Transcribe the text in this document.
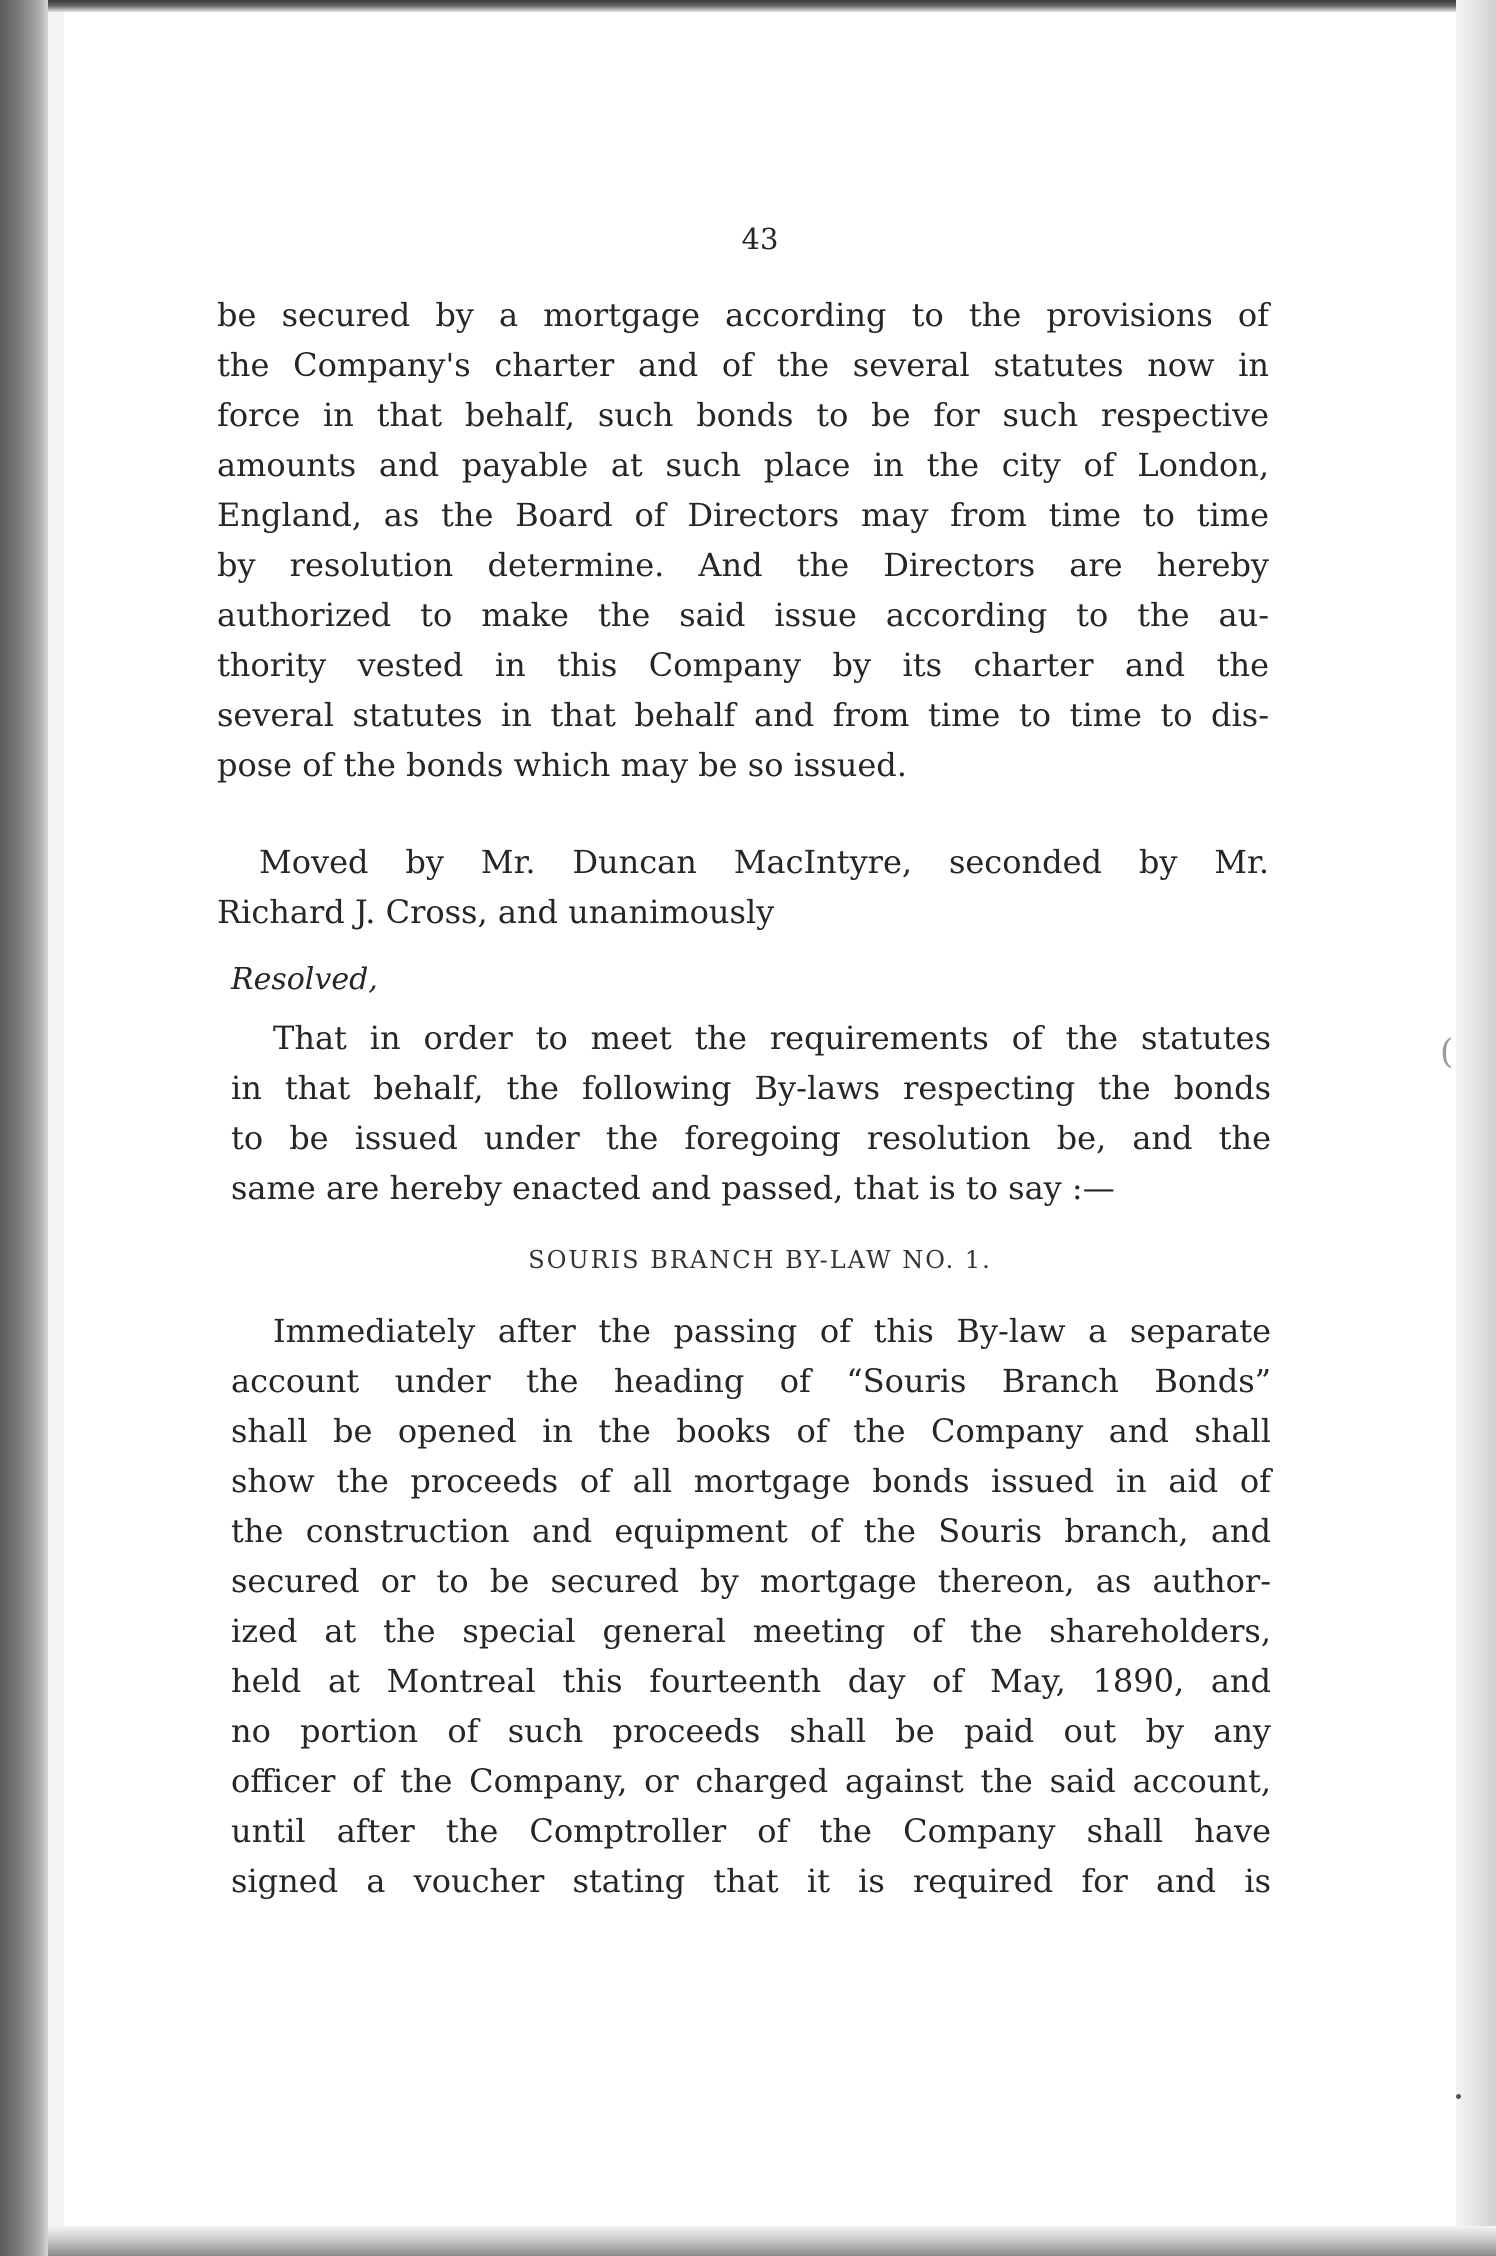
43
be secured by a mortgage according to the provisions of
the Company's charter and of the several statutes now in
force in that behalf, such bonds to be for such respective
amounts and payable at such place in the city of London,
England, as the Board of Directors may from time to time
by resolution determine. And the Directors are hereby
authorized to make the said issue according to the au-
thority vested in this Company by its charter and the
several statutes in that behalf and from time to time to dis-
pose of the bonds which may be so issued.
Moved by Mr. Duncan MacIntyre, seconded by Mr.
Richard J. Cross, and unanimously
Resolved,
That in order to meet the requirements of the statutes
in that behalf, the following By-laws respecting the bonds
to be issued under the foregoing resolution be, and the
same are hereby enacted and passed, that is to say :—
SOURIS BRANCH BY-LAW NO. 1.
Immediately after the passing of this By-law a separate
account under the heading of “Souris Branch Bonds”
shall be opened in the books of the Company and shall
show the proceeds of all mortgage bonds issued in aid of
the construction and equipment of the Souris branch, and
secured or to be secured by mortgage thereon, as author-
ized at the special general meeting of the shareholders,
held at Montreal this fourteenth day of May, 1890, and
no portion of such proceeds shall be paid out by any
officer of the Company, or charged against the said account,
until after the Comptroller of the Company shall have
signed a voucher stating that it is required for and is
(
